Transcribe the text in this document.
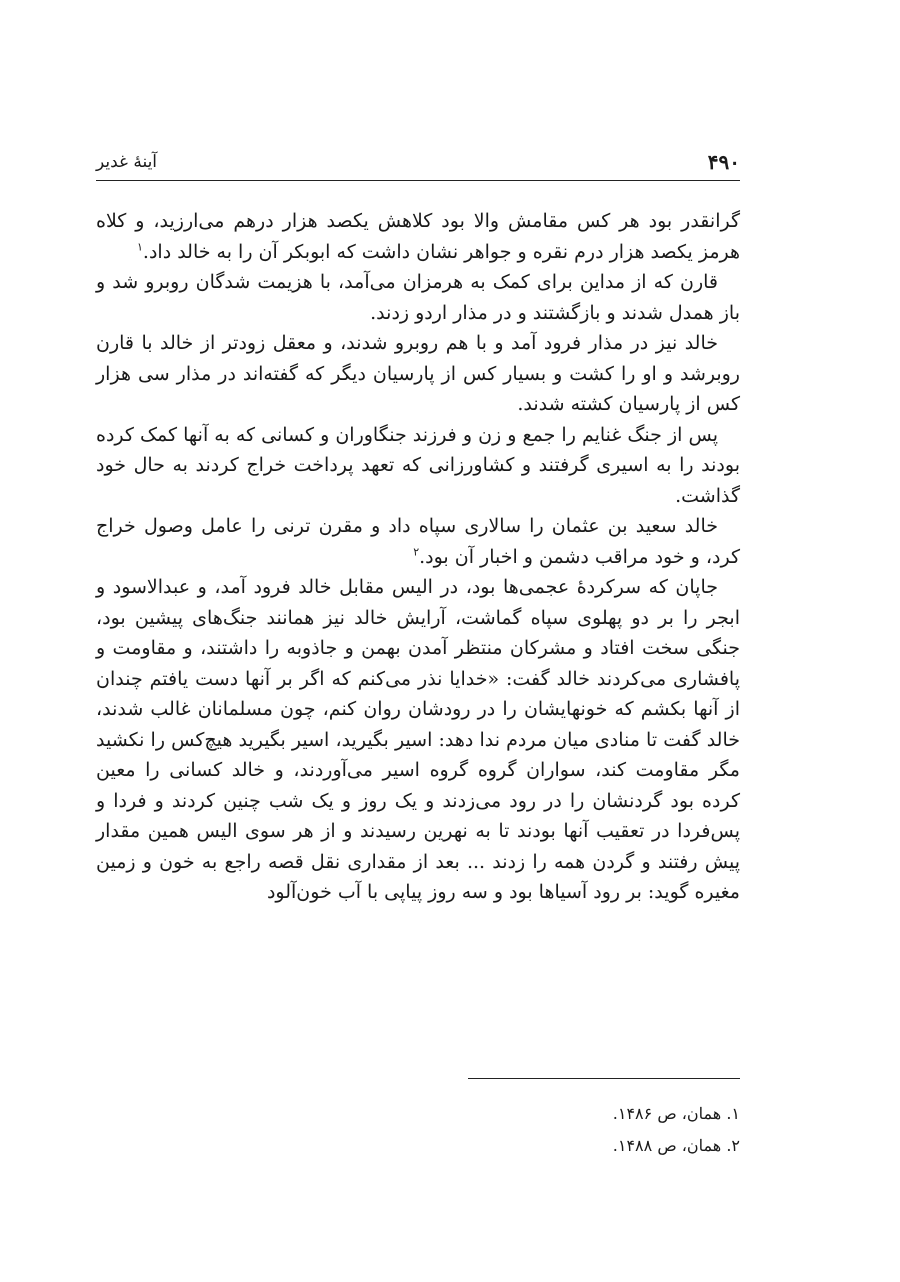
۴۹۰
آینهٔ غدیر

گرانقدر بود هر کس مقامش والا بود کلاهش یکصد هزار درهم می‌ارزید، و کلاه هرمز یکصد هزار درم نقره و جواهر نشان داشت که ابوبکر آن را به خالد داد.$^۱$

قارن که از مداین برای کمک به هرمزان می‌آمد، با هزیمت شدگان روبرو شد و باز همدل شدند و بازگشتند و در مذار اردو زدند.

خالد نیز در مذار فرود آمد و با هم روبرو شدند، و معقل زودتر از خالد با قارن روبرشد و او را کشت و بسیار کس از پارسیان دیگر که گفته‌اند در مذار سی هزار کس از پارسیان کشته شدند.

پس از جنگ غنایم را جمع و زن و فرزند جنگاوران و کسانی که به آنها کمک کرده بودند را به اسیری گرفتند و کشاورزانی که تعهد پرداخت خراج کردند به حال خود گذاشت.

خالد سعید بن عثمان را سالاری سپاه داد و مقرن ترنی را عامل وصول خراج کرد، و خود مراقب دشمن و اخبار آن بود.$^۲$

جاپان که سرکردهٔ عجمی‌ها بود، در الیس مقابل خالد فرود آمد، و عبدالاسود و ابجر را بر دو پهلوی سپاه گماشت، آرایش خالد نیز همانند جنگ‌های پیشین بود، جنگی سخت افتاد و مشرکان منتظر آمدن بهمن و جاذوبه را داشتند، و مقاومت و پافشاری می‌کردند خالد گفت: «خدایا نذر می‌کنم که اگر بر آنها دست یافتم چندان از آنها بکشم که خونهایشان را در رودشان روان کنم، چون مسلمانان غالب شدند، خالد گفت تا منادی میان مردم ندا دهد: اسیر بگیرید، اسیر بگیرید هیچ‌کس را نکشید مگر مقاومت کند، سواران گروه گروه اسیر می‌آوردند، و خالد کسانی را معین کرده بود گردنشان را در رود می‌زدند و یک روز و یک شب چنین کردند و فردا و پس‌فردا در تعقیب آنها بودند تا به نهرین رسیدند و از هر سوی الیس همین مقدار پیش رفتند و گردن همه را زدند ... بعد از مقداری نقل قصه راجع به خون و زمین مغیره گوید: بر رود آسیاها بود و سه روز پیاپی با آب خون‌آلود

۱. همان، ص ۱۴۸۶.
۲. همان، ص ۱۴۸۸.
